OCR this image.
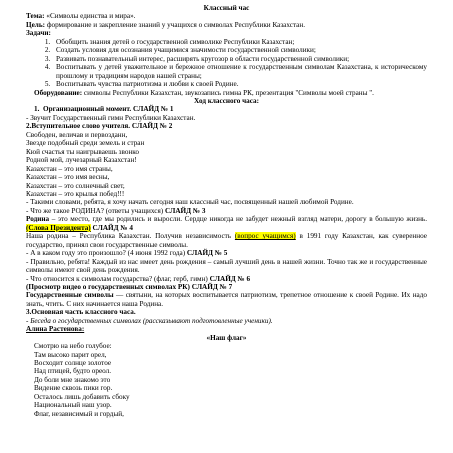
Классный час

Тема: «Символы единства и мира».

Цель: формирование и закрепление знаний у учащихся о символах Республики Казахстан.

Задачи:

1. Обобщить знания детей о государственной символике Республики Казахстан;
2. Создать условия для осознания учащимися значимости государственной символики;
3. Развивать познавательный интерес, расширять кругозор в области государственной символики;
4. Воспитывать у детей уважительное и бережное отношение к государственным символам Казахстана, к историческому прошлому и традициям народов нашей страны;
5. Воспитывать чувства патриотизма и любви к своей Родине.

Оборудование: символы Республики Казахстан, звукозапись гимна РК, презентация "Символы моей страны ".

Ход классного часа:

1. Организационный момент. СЛАЙД № 1

- Звучит Государственный гимн Республики Казахстан.

2.Вступительное слово учителя. СЛАЙД № 2

Свободен, величав и первозданн,

Звезде подобный среди земель и стран

Кюй счастья ты наигрываешь звонко

Родной мой, лучезарный Казахстан!

Казахстан – это имя страны,

Казахстан – это имя весны,

Казахстан – это солнечный свет,

Казахстан – это крылья побед!!!

- Такими словами, ребята, я хочу начать сегодня наш классный час, посвященный нашей любимой Родине.

- Что же такое РОДИНА? (ответы учащихся) СЛАЙД № 3

Родина – это место, где мы родились и выросли. Сердце никогда не забудет нежный взгляд матери, дорогу в большую жизнь. (Слова Президента) СЛАЙД № 4

Наша родина – Республика Казахстан. Получив независимость (вопрос учащимся) в 1991 году Казахстан, как суверенное государство, принял свои государственные символы.

- А в каком году это произошло? (4 июня 1992 года) СЛАЙД № 5

- Правильно, ребята! Каждый из нас имеет день рождения – самый лучший день в нашей жизни. Точно так же и государственные символы имеют свой день рождения.

- Что относится к символам государства? (флаг, герб, гимн) СЛАЙД № 6

(Просмотр видео о государственных символах РК) СЛАЙД № 7

Государственные символы — святыни, на которых воспитывается патриотизм, трепетное отношение к своей Родине. Их надо знать, чтить. С них начинается наша Родина.

3.Основная часть классного часа.

- Беседа о государственных символах (рассказывают подготовленные ученики).

Алина Растенова:

«Наш флаг»

Смотрю на небо голубое:

Там высоко парит орел,

Восходит солнце золотое

Над птицей, будто ореол.

До боли мне знакомо это

Видение сквозь пики гор.

Осталось лишь добавить сбоку

Национальный наш узор.

Флаг, независимый и гордый,
